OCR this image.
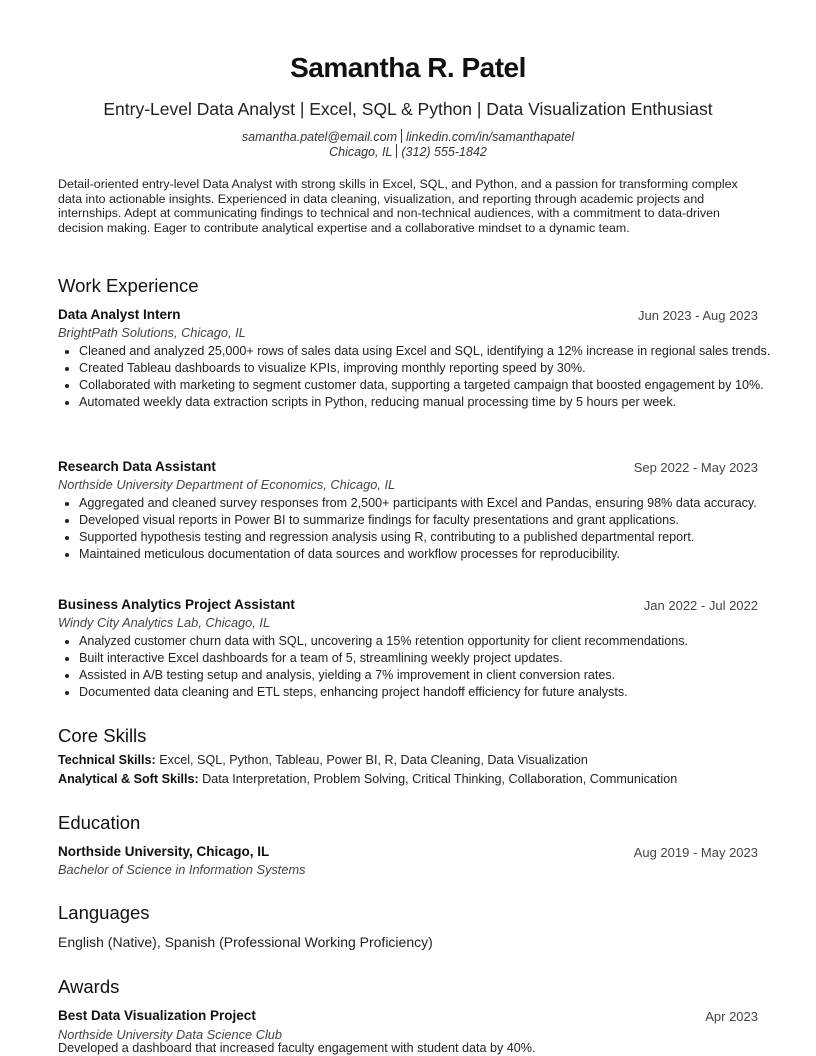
Samantha R. Patel
Entry-Level Data Analyst | Excel, SQL & Python | Data Visualization Enthusiast
samantha.patel@email.com linkedin.com/in/samanthapatel
Chicago, IL (312) 555-1842
Detail-oriented entry-level Data Analyst with strong skills in Excel, SQL, and Python, and a passion for transforming complex data into actionable insights. Experienced in data cleaning, visualization, and reporting through academic projects and internships. Adept at communicating findings to technical and non-technical audiences, with a commitment to data-driven decision making. Eager to contribute analytical expertise and a collaborative mindset to a dynamic team.
Work Experience
Data Analyst Intern	Jun 2023 - Aug 2023
BrightPath Solutions, Chicago, IL
• Cleaned and analyzed 25,000+ rows of sales data using Excel and SQL, identifying a 12% increase in regional sales trends.
• Created Tableau dashboards to visualize KPIs, improving monthly reporting speed by 30%.
• Collaborated with marketing to segment customer data, supporting a targeted campaign that boosted engagement by 10%.
• Automated weekly data extraction scripts in Python, reducing manual processing time by 5 hours per week.
Research Data Assistant	Sep 2022 - May 2023
Northside University Department of Economics, Chicago, IL
• Aggregated and cleaned survey responses from 2,500+ participants with Excel and Pandas, ensuring 98% data accuracy.
• Developed visual reports in Power BI to summarize findings for faculty presentations and grant applications.
• Supported hypothesis testing and regression analysis using R, contributing to a published departmental report.
• Maintained meticulous documentation of data sources and workflow processes for reproducibility.
Business Analytics Project Assistant	Jan 2022 - Jul 2022
Windy City Analytics Lab, Chicago, IL
• Analyzed customer churn data with SQL, uncovering a 15% retention opportunity for client recommendations.
• Built interactive Excel dashboards for a team of 5, streamlining weekly project updates.
• Assisted in A/B testing setup and analysis, yielding a 7% improvement in client conversion rates.
• Documented data cleaning and ETL steps, enhancing project handoff efficiency for future analysts.
Core Skills
Technical Skills: Excel, SQL, Python, Tableau, Power BI, R, Data Cleaning, Data Visualization
Analytical & Soft Skills: Data Interpretation, Problem Solving, Critical Thinking, Collaboration, Communication
Education
Northside University, Chicago, IL	Aug 2019 - May 2023
Bachelor of Science in Information Systems
Languages
English (Native), Spanish (Professional Working Proficiency)
Awards
Best Data Visualization Project	Apr 2023
Northside University Data Science Club
Developed a dashboard that increased faculty engagement with student data by 40%.
